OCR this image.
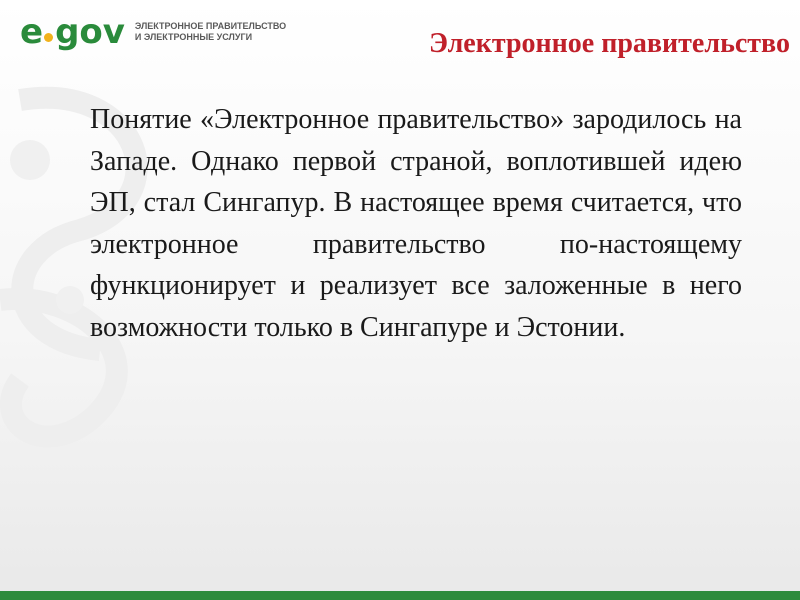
e gov ЭЛЕКТРОННОЕ ПРАВИТЕЛЬСТВО
И ЭЛЕКТРОННЫЕ УСЛУГИ	Электронное правительство

Понятие «Электронное правительство» зародилось на Западе. Однако первой страной, воплотившей идею ЭП, стал Сингапур. В настоящее время считается, что электронное правительство по-настоящему функционирует и реализует все заложенные в него возможности только в Сингапуре и Эстонии.
